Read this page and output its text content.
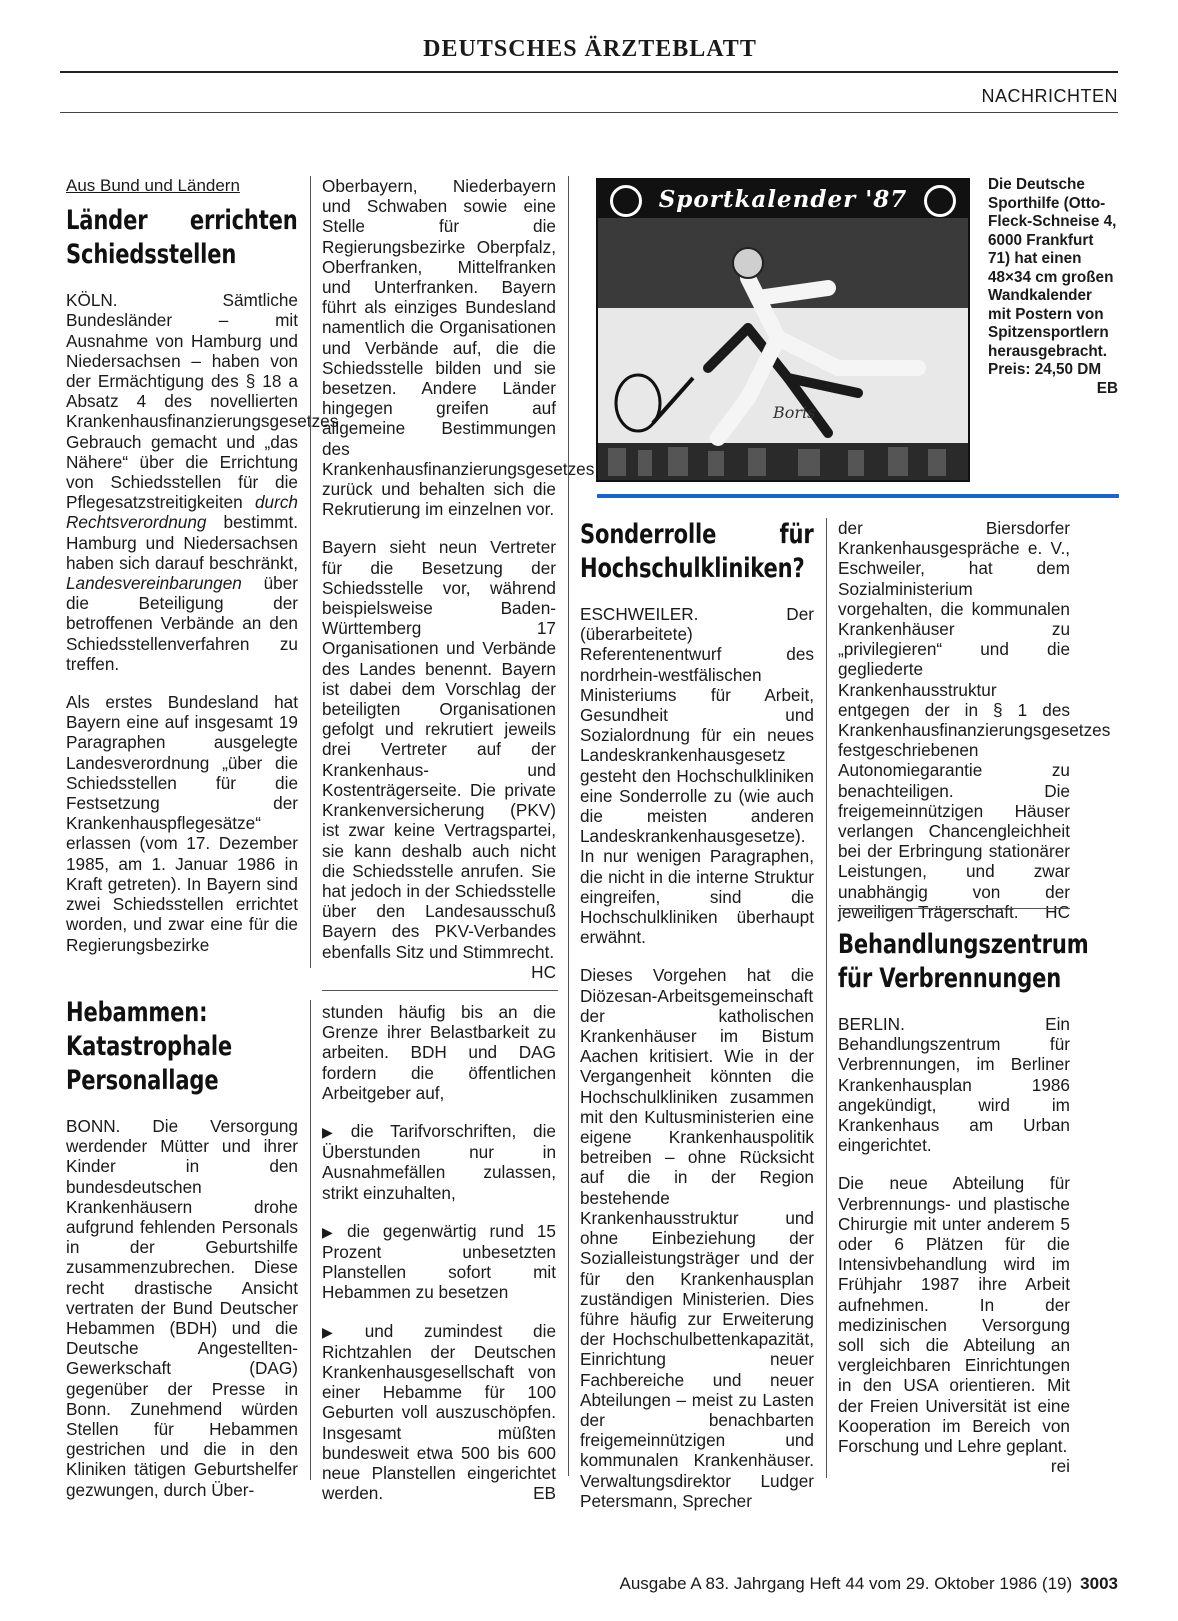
DEUTSCHES ÄRZTEBLATT
NACHRICHTEN
Aus Bund und Ländern
Länder errichten Schiedsstellen

KÖLN. Sämtliche Bundesländer – mit Ausnahme von Hamburg und Niedersachsen – haben von der Ermächtigung des § 18 a Absatz 4 des novellierten Krankenhausfinanzierungsgesetzes Gebrauch gemacht und „das Nähere“ über die Errichtung von Schiedsstellen für die Pflegesatzstreitigkeiten durch Rechtsverordnung bestimmt. Hamburg und Niedersachsen haben sich darauf beschränkt, Landesvereinbarungen über die Beteiligung der betroffenen Verbände an den Schiedsstellenverfahren zu treffen.

Als erstes Bundesland hat Bayern eine auf insgesamt 19 Paragraphen ausgelegte Landesverordnung „über die Schiedsstellen für die Festsetzung der Krankenhauspflegesätze“ erlassen (vom 17. Dezember 1985, am 1. Januar 1986 in Kraft getreten). In Bayern sind zwei Schiedsstellen errichtet worden, und zwar eine für die Regierungsbezirke

Oberbayern, Niederbayern und Schwaben sowie eine Stelle für die Regierungsbezirke Oberpfalz, Oberfranken, Mittelfranken und Unterfranken. Bayern führt als einziges Bundesland namentlich die Organisationen und Verbände auf, die die Schiedsstelle bilden und sie besetzen. Andere Länder hingegen greifen auf allgemeine Bestimmungen des Krankenhausfinanzierungsgesetzes zurück und behalten sich die Rekrutierung im einzelnen vor.

Bayern sieht neun Vertreter für die Besetzung der Schiedsstelle vor, während beispielsweise Baden-Württemberg 17 Organisationen und Verbände des Landes benennt. Bayern ist dabei dem Vorschlag der beteiligten Organisationen gefolgt und rekrutiert jeweils drei Vertreter auf der Krankenhaus- und Kostenträgerseite. Die private Krankenversicherung (PKV) ist zwar keine Vertragspartei, sie kann deshalb auch nicht die Schiedsstelle anrufen. Sie hat jedoch in der Schiedsstelle über den Landesausschuß Bayern des PKV-Verbandes ebenfalls Sitz und Stimmrecht.
HC

Hebammen: Katastrophale Personallage

BONN. Die Versorgung werdender Mütter und ihrer Kinder in den bundesdeutschen Krankenhäusern drohe aufgrund fehlenden Personals in der Geburtshilfe zusammenzubrechen. Diese recht drastische Ansicht vertraten der Bund Deutscher Hebammen (BDH) und die Deutsche Angestellten-Gewerkschaft (DAG) gegenüber der Presse in Bonn. Zunehmend würden Stellen für Hebammen gestrichen und die in den Kliniken tätigen Geburtshelfer gezwungen, durch Über-

stunden häufig bis an die Grenze ihrer Belastbarkeit zu arbeiten. BDH und DAG fordern die öffentlichen Arbeitgeber auf,

▶ die Tarifvorschriften, die Überstunden nur in Ausnahmefällen zulassen, strikt einzuhalten,

▶ die gegenwärtig rund 15 Prozent unbesetzten Planstellen sofort mit Hebammen zu besetzen

▶ und zumindest die Richtzahlen der Deutschen Krankenhausgesellschaft von einer Hebamme für 100 Geburten voll auszuschöpfen. Insgesamt müßten bundesweit etwa 500 bis 600 neue Planstellen eingerichtet werden.	EB

Sportkalender '87
Boris
Die Deutsche Sporthilfe (Otto-Fleck-Schneise 4, 6000 Frankfurt 71) hat einen 48×34 cm großen Wandkalender mit Postern von Spitzensportlern herausgebracht. Preis: 24,50 DM
EB
Sonderrolle für Hochschulkliniken?

ESCHWEILER. Der (überarbeitete) Referentenentwurf des nordrhein-westfälischen Ministeriums für Arbeit, Gesundheit und Sozialordnung für ein neues Landeskrankenhausgesetz gesteht den Hochschulkliniken eine Sonderrolle zu (wie auch die meisten anderen Landeskrankenhausgesetze). In nur wenigen Paragraphen, die nicht in die interne Struktur eingreifen, sind die Hochschulkliniken überhaupt erwähnt.

Dieses Vorgehen hat die Diözesan-Arbeitsgemeinschaft der katholischen Krankenhäuser im Bistum Aachen kritisiert. Wie in der Vergangenheit könnten die Hochschulkliniken zusammen mit den Kultusministerien eine eigene Krankenhauspolitik betreiben – ohne Rücksicht auf die in der Region bestehende Krankenhausstruktur und ohne Einbeziehung der Sozialleistungsträger und der für den Krankenhausplan zuständigen Ministerien. Dies führe häufig zur Erweiterung der Hochschulbettenkapazität, Einrichtung neuer Fachbereiche und neuer Abteilungen – meist zu Lasten der benachbarten freigemeinnützigen und kommunalen Krankenhäuser. Verwaltungsdirektor Ludger Petersmann, Sprecher

der Biersdorfer Krankenhausgespräche e. V., Eschweiler, hat dem Sozialministerium vorgehalten, die kommunalen Krankenhäuser zu „privilegieren“ und die gegliederte Krankenhausstruktur entgegen der in § 1 des Krankenhausfinanzierungsgesetzes festgeschriebenen Autonomiegarantie zu benachteiligen. Die freigemeinnützigen Häuser verlangen Chancengleichheit bei der Erbringung stationärer Leistungen, und zwar unabhängig von der jeweiligen Trägerschaft. HC

Behandlungszentrum für Verbrennungen

BERLIN. Ein Behandlungszentrum für Verbrennungen, im Berliner Krankenhausplan 1986 angekündigt, wird im Krankenhaus am Urban eingerichtet.

Die neue Abteilung für Verbrennungs- und plastische Chirurgie mit unter anderem 5 oder 6 Plätzen für die Intensivbehandlung wird im Frühjahr 1987 ihre Arbeit aufnehmen. In der medizinischen Versorgung soll sich die Abteilung an vergleichbaren Einrichtungen in den USA orientieren. Mit der Freien Universität ist eine Kooperation im Bereich von Forschung und Lehre geplant.
rei

Ausgabe A 83. Jahrgang Heft 44 vom 29. Oktober 1986 (19) 3003
